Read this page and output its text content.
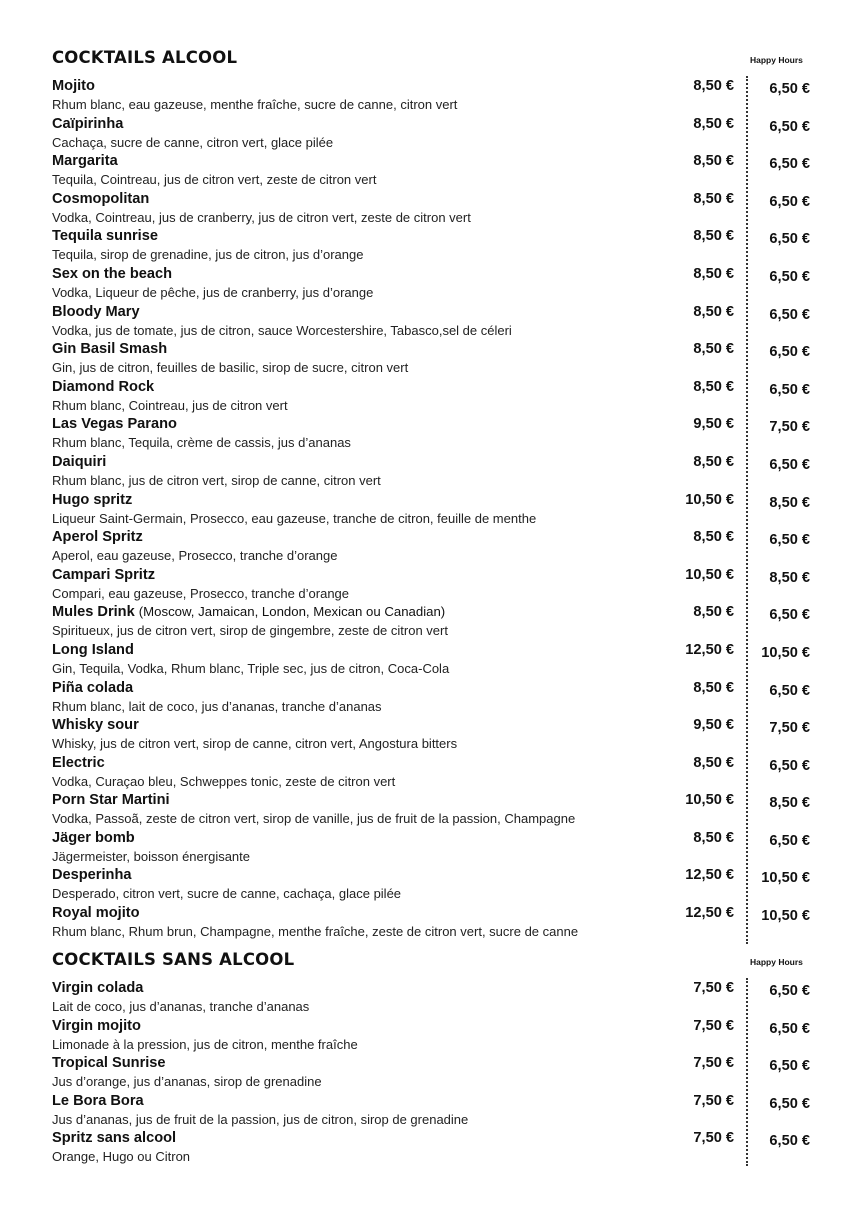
COCKTAILS ALCOOL	Happy Hours
Mojito
Rhum blanc, eau gazeuse, menthe fraîche, sucre de canne, citron vert
8,50 € 6,50 €
Caïpirinha
Cachaça, sucre de canne, citron vert, glace pilée
8,50 € 6,50 €
Margarita
Tequila, Cointreau, jus de citron vert, zeste de citron vert
8,50 € 6,50 €
Cosmopolitan
Vodka, Cointreau, jus de cranberry, jus de citron vert, zeste de citron vert
8,50 € 6,50 €
Tequila sunrise
Tequila, sirop de grenadine, jus de citron, jus d’orange
8,50 € 6,50 €
Sex on the beach
Vodka, Liqueur de pêche, jus de cranberry, jus d’orange
8,50 € 6,50 €
Bloody Mary
Vodka, jus de tomate, jus de citron, sauce Worcestershire, Tabasco,sel de céleri
8,50 € 6,50 €
Gin Basil Smash
Gin, jus de citron, feuilles de basilic, sirop de sucre, citron vert
8,50 € 6,50 €
Diamond Rock
Rhum blanc, Cointreau, jus de citron vert
8,50 € 6,50 €
Las Vegas Parano
Rhum blanc, Tequila, crème de cassis, jus d’ananas
9,50 € 7,50 €
Daiquiri
Rhum blanc, jus de citron vert, sirop de canne, citron vert
8,50 € 6,50 €
Hugo spritz
Liqueur Saint-Germain, Prosecco, eau gazeuse, tranche de citron, feuille de menthe
10,50 € 8,50 €
Aperol Spritz
Aperol, eau gazeuse, Prosecco, tranche d’orange
8,50 € 6,50 €
Campari Spritz
Compari, eau gazeuse, Prosecco, tranche d’orange
10,50 € 8,50 €
Mules Drink (Moscow, Jamaican, London, Mexican ou Canadian)
Spiritueux, jus de citron vert, sirop de gingembre, zeste de citron vert
8,50 € 6,50 €
Long Island
Gin, Tequila, Vodka, Rhum blanc, Triple sec, jus de citron, Coca-Cola
12,50 € 10,50 €
Piña colada
Rhum blanc, lait de coco, jus d’ananas, tranche d’ananas
8,50 € 6,50 €
Whisky sour
Whisky, jus de citron vert, sirop de canne, citron vert, Angostura bitters
9,50 € 7,50 €
Electric
Vodka, Curaçao bleu, Schweppes tonic, zeste de citron vert
8,50 € 6,50 €
Porn Star Martini
Vodka, Passoã, zeste de citron vert, sirop de vanille, jus de fruit de la passion, Champagne
10,50 € 8,50 €
Jäger bomb
Jägermeister, boisson énergisante
8,50 € 6,50 €
Desperinha
Desperado, citron vert, sucre de canne, cachaça, glace pilée
12,50 € 10,50 €
Royal mojito
Rhum blanc, Rhum brun, Champagne, menthe fraîche, zeste de citron vert, sucre de canne
12,50 € 10,50 €
COCKTAILS SANS ALCOOL	Happy Hours
Virgin colada
Lait de coco, jus d’ananas, tranche d’ananas
7,50 € 6,50 €
Virgin mojito
Limonade à la pression, jus de citron, menthe fraîche
7,50 € 6,50 €
Tropical Sunrise
Jus d’orange, jus d’ananas, sirop de grenadine
7,50 € 6,50 €
Le Bora Bora
Jus d’ananas, jus de fruit de la passion, jus de citron, sirop de grenadine
7,50 € 6,50 €
Spritz sans alcool
Orange, Hugo ou Citron
7,50 € 6,50 €
